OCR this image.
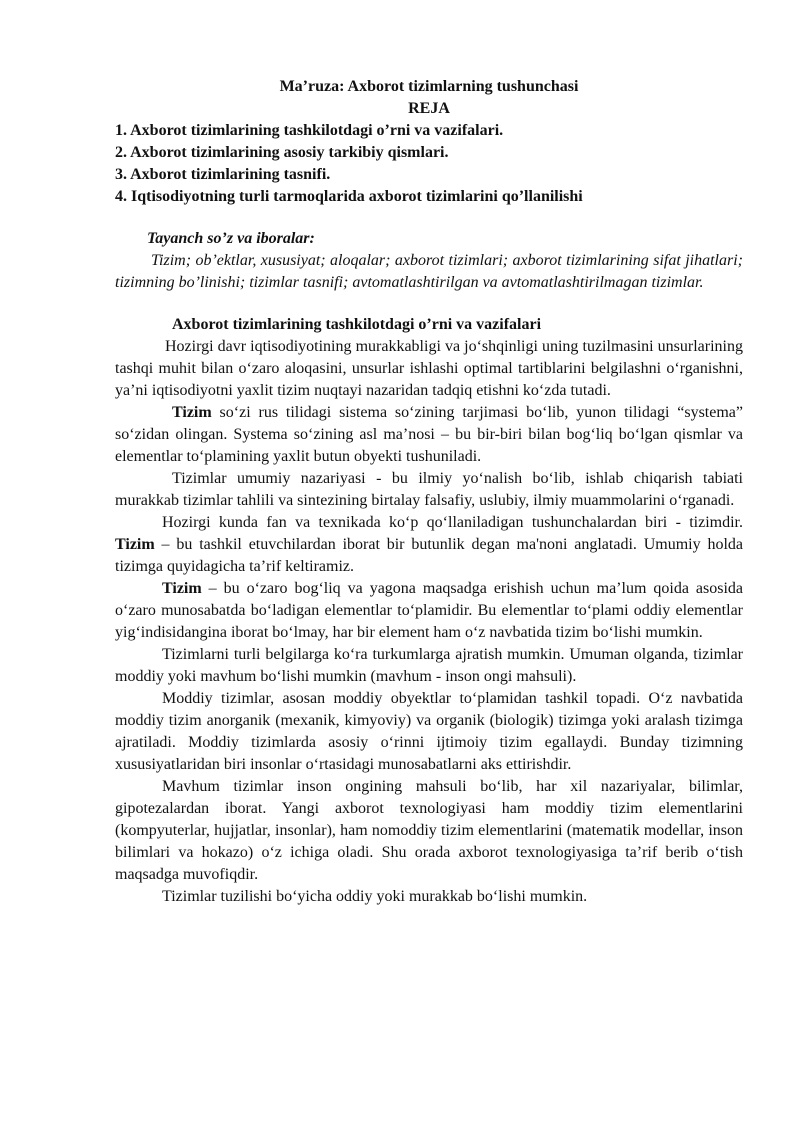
Ma’ruza: Axborot tizimlarning tushunchasi

REJA

1. Axborot tizimlarining tashkilotdagi o’rni va vazifalari.
2. Axborot tizimlarining asosiy tarkibiy qismlari.
3. Axborot tizimlarining tasnifi.
4. Iqtisodiyotning turli tarmoqlarida axborot tizimlarini qo’llanilishi

Tayanch so’z va iboralar:

Tizim; ob’ektlar, xususiyat; aloqalar; axborot tizimlari; axborot tizimlarining sifat jihatlari; tizimning bo’linishi; tizimlar tasnifi; avtomatlashtirilgan va avtomatlashtirilmagan tizimlar.

Axborot tizimlarining tashkilotdagi o’rni va vazifalari

Hozirgi davr iqtisodiyotining murakkabligi va jo‘shqinligi uning tuzilmasini unsurlarining tashqi muhit bilan o‘zaro aloqasini, unsurlar ishlashi optimal tartiblarini belgilashni o‘rganishni, ya’ni iqtisodiyotni yaxlit tizim nuqtayi nazaridan tadqiq etishni ko‘zda tutadi.

Tizim so‘zi rus tilidagi sistema so‘zining tarjimasi bo‘lib, yunon tilidagi “systema” so‘zidan olingan. Systema so‘zining asl ma’nosi – bu bir-biri bilan bog‘liq bo‘lgan qismlar va elementlar to‘plamining yaxlit butun obyekti tushuniladi.

Tizimlar umumiy nazariyasi - bu ilmiy yo‘nalish bo‘lib, ishlab chiqarish tabiati murakkab tizimlar tahlili va sintezining birtalay falsafiy, uslubiy, ilmiy muammolarini o‘rganadi.

Hozirgi kunda fan va texnikada ko‘p qo‘llaniladigan tushunchalardan biri - tizimdir. Tizim – bu tashkil etuvchilardan iborat bir butunlik degan ma'noni anglatadi. Umumiy holda tizimga quyidagicha ta’rif keltiramiz.

Tizim – bu o‘zaro bog‘liq va yagona maqsadga erishish uchun ma’lum qoida asosida o‘zaro munosabatda bo‘ladigan elementlar to‘plamidir. Bu elementlar to‘plami oddiy elementlar yig‘indisidangina iborat bo‘lmay, har bir element ham o‘z navbatida tizim bo‘lishi mumkin.

Tizimlarni turli belgilarga ko‘ra turkumlarga ajratish mumkin. Umuman olganda, tizimlar moddiy yoki mavhum bo‘lishi mumkin (mavhum - inson ongi mahsuli).

Moddiy tizimlar, asosan moddiy obyektlar to‘plamidan tashkil topadi. O‘z navbatida moddiy tizim anorganik (mexanik, kimyoviy) va organik (biologik) tizimga yoki aralash tizimga ajratiladi. Moddiy tizimlarda asosiy o‘rinni ijtimoiy tizim egallaydi. Bunday tizimning xususiyatlaridan biri insonlar o‘rtasidagi munosabatlarni aks ettirishdir.

Mavhum tizimlar inson ongining mahsuli bo‘lib, har xil nazariyalar, bilimlar, gipotezalardan iborat. Yangi axborot texnologiyasi ham moddiy tizim elementlarini (kompyuterlar, hujjatlar, insonlar), ham nomoddiy tizim elementlarini (matematik modellar, inson bilimlari va hokazo) o‘z ichiga oladi. Shu orada axborot texnologiyasiga ta’rif berib o‘tish maqsadga muvofiqdir.

Tizimlar tuzilishi bo‘yicha oddiy yoki murakkab bo‘lishi mumkin.
